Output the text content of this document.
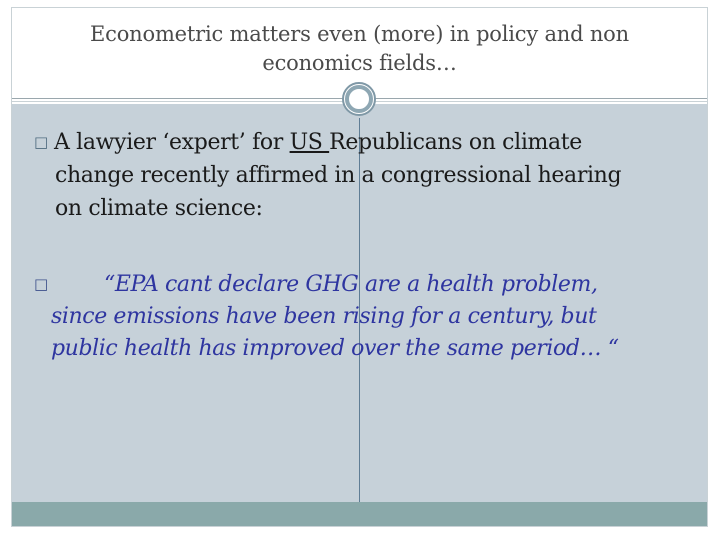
Econometric matters even (more) in policy and non
economics fields…
□ A lawyier ‘expert’ for US Republicans on climate
change recently affirmed in a congressional hearing
on climate science:
□	“EPA cant declare GHG are a health problem,
since emissions have been rising for a century, but
public health has improved over the same period… “
